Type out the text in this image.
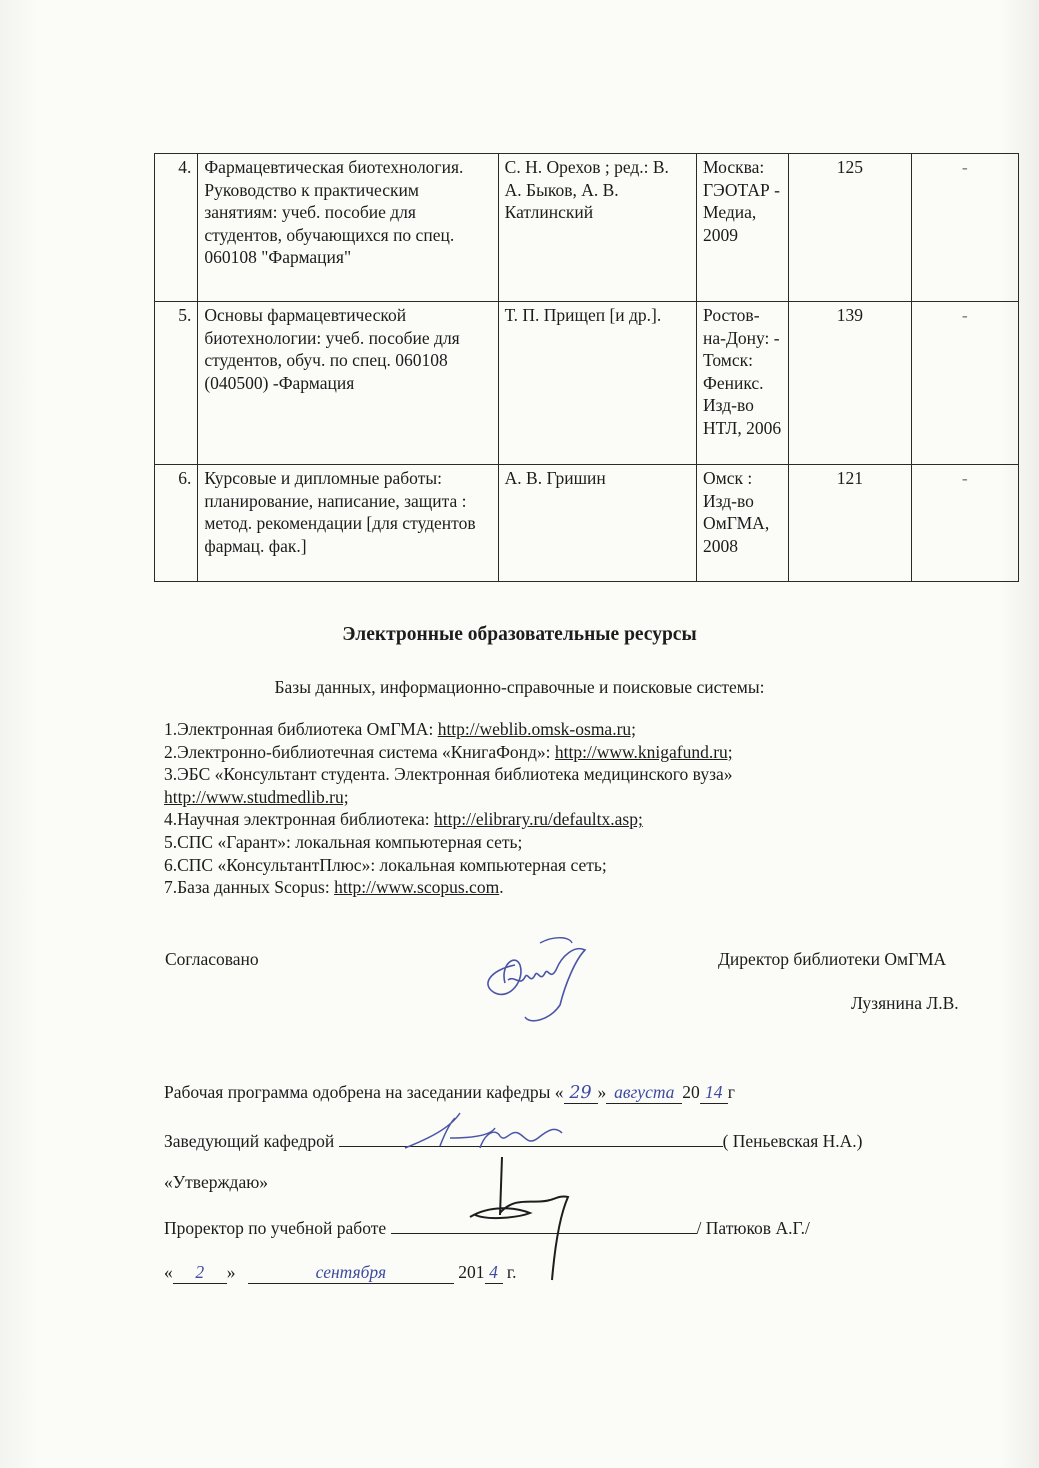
4.	Фармацевтическая биотехнология. Руководство к практическим занятиям: учеб. пособие для студентов, обучающихся по спец. 060108 "Фармация"	С. Н. Орехов ; ред.: В. А. Быков, А. В. Катлинский	Москва: ГЭОТАР - Медиа, 2009	125	-
5.	Основы фармацевтической биотехнологии: учеб. пособие для студентов, обуч. по спец. 060108 (040500) -Фармация	Т. П. Прищеп [и др.].	Ростов-на-Дону: - Томск: Феникс. Изд-во НТЛ, 2006	139	-
6.	Курсовые и дипломные работы: планирование, написание, защита : метод. рекомендации [для студентов фармац. фак.]	А. В. Гришин	Омск : Изд-во ОмГМА, 2008	121	-
Электронные образовательные ресурсы
Базы данных, информационно-справочные и поисковые системы:
1.Электронная библиотека ОмГМА: http://weblib.omsk-osma.ru;
2.Электронно-библиотечная система «КнигаФонд»: http://www.knigafund.ru;
3.ЭБС «Консультант студента. Электронная библиотека медицинского вуза»
http://www.studmedlib.ru;
4.Научная электронная библиотека: http://elibrary.ru/defaultx.asp;
5.СПС «Гарант»: локальная компьютерная сеть;
6.СПС «КонсультантПлюс»: локальная компьютерная сеть;
7.База данных Scopus: http://www.scopus.com.
Согласовано	Директор библиотеки ОмГМА
Лузянина Л.В.
Рабочая программа одобрена на заседании кафедры « 29 » августа 20 14 г
Заведующий кафедрой	( Пеньевская Н.А.)
«Утверждаю»
Проректор по учебной работе	/ Патюков А.Г./
« 2 »	сентября	201 4 г.
